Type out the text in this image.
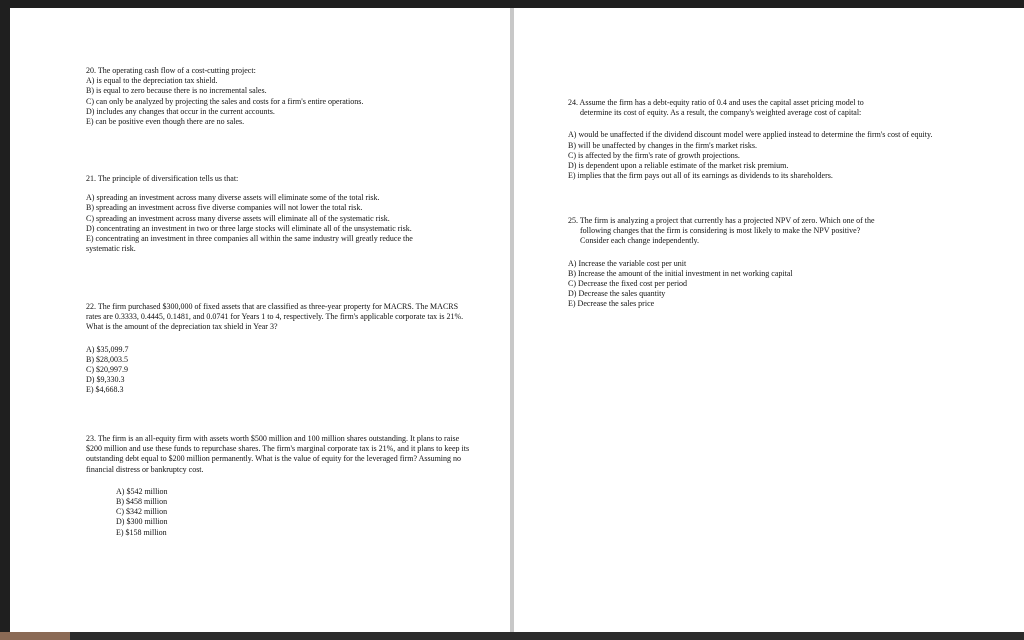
20. The operating cash flow of a cost-cutting project:

A) is equal to the depreciation tax shield.
B) is equal to zero because there is no incremental sales.
C) can only be analyzed by projecting the sales and costs for a firm's entire operations.
D) includes any changes that occur in the current accounts.
E) can be positive even though there are no sales.

21. The principle of diversification tells us that:

A) spreading an investment across many diverse assets will eliminate some of the total risk.
B) spreading an investment across five diverse companies will not lower the total risk.
C) spreading an investment across many diverse assets will eliminate all of the systematic risk.
D) concentrating an investment in two or three large stocks will eliminate all of the unsystematic risk.
E) concentrating an investment in three companies all within the same industry will greatly reduce the systematic risk.

22. The firm purchased $300,000 of fixed assets that are classified as three-year property for MACRS. The MACRS rates are 0.3333, 0.4445, 0.1481, and 0.0741 for Years 1 to 4, respectively. The firm's applicable corporate tax is 21%. What is the amount of the depreciation tax shield in Year 3?

A) $35,099.7
B) $28,003.5
C) $20,997.9
D) $9,330.3
E) $4,668.3

23. The firm is an all-equity firm with assets worth $500 million and 100 million shares outstanding. It plans to raise $200 million and use these funds to repurchase shares. The firm's marginal corporate tax is 21%, and it plans to keep its outstanding debt equal to $200 million permanently. What is the value of equity for the leveraged firm? Assuming no financial distress or bankruptcy cost.

A) $542 million
B) $458 million
C) $342 million
D) $300 million
E) $158 million

24. Assume the firm has a debt-equity ratio of 0.4 and uses the capital asset pricing model to

determine its cost of equity. As a result, the company's weighted average cost of capital:

A) would be unaffected if the dividend discount model were applied instead to determine the firm's cost of equity.
B) will be unaffected by changes in the firm's market risks.
C) is affected by the firm's rate of growth projections.
D) is dependent upon a reliable estimate of the market risk premium.
E) implies that the firm pays out all of its earnings as dividends to its shareholders.

25. The firm is analyzing a project that currently has a projected NPV of zero. Which one of the

following changes that the firm is considering is most likely to make the NPV positive?

Consider each change independently.

A) Increase the variable cost per unit
B) Increase the amount of the initial investment in net working capital
C) Decrease the fixed cost per period
D) Decrease the sales quantity
E) Decrease the sales price
